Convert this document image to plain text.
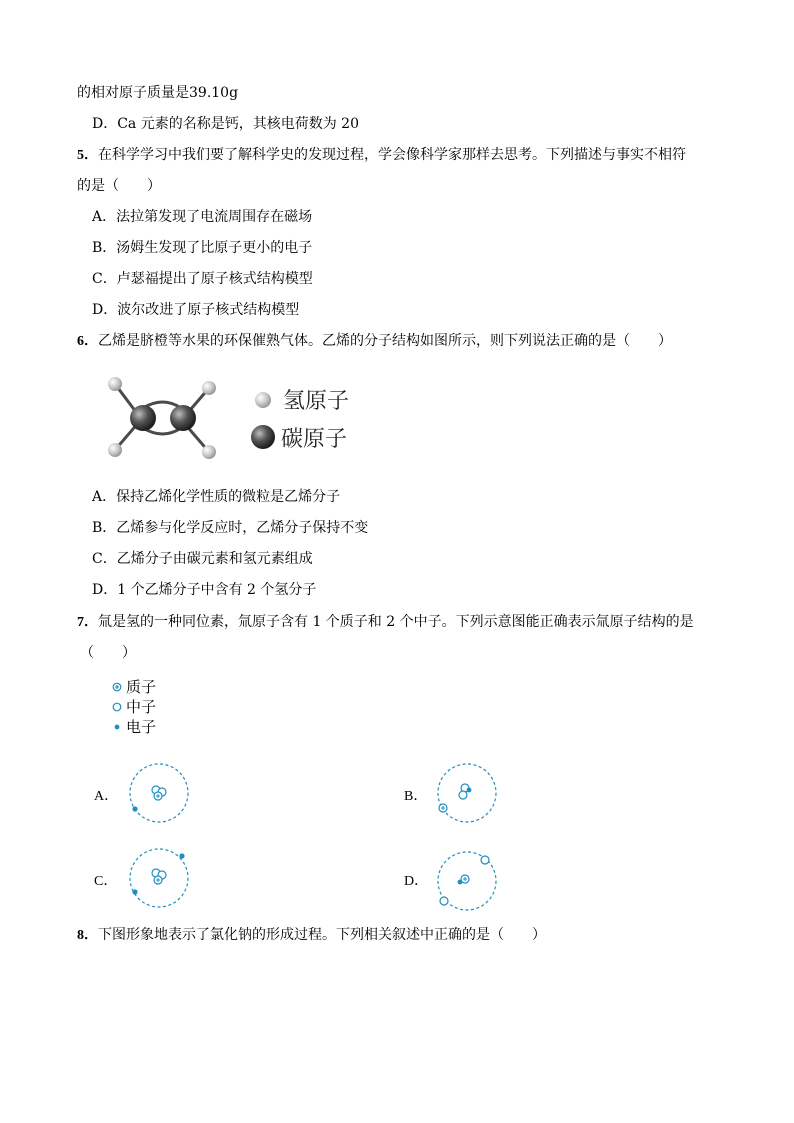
的相对原子质量是39.10g
D．Ca 元素的名称是钙，其核电荷数为 20
5．在科学学习中我们要了解科学史的发现过程，学会像科学家那样去思考。下列描述与事实不相符
的是（　　）
A．法拉第发现了电流周围存在磁场
B．汤姆生发现了比原子更小的电子
C．卢瑟福提出了原子核式结构模型
D．波尔改进了原子核式结构模型
6．乙烯是脐橙等水果的环保催熟气体。乙烯的分子结构如图所示，则下列说法正确的是（　　）
氢原子
碳原子
A．保持乙烯化学性质的微粒是乙烯分子
B．乙烯参与化学反应时，乙烯分子保持不变
C．乙烯分子由碳元素和氢元素组成
D．1 个乙烯分子中含有 2 个氢分子
7．氚是氢的一种同位素，氚原子含有 1 个质子和 2 个中子。下列示意图能正确表示氚原子结构的是
（　　）
质子
中子
电子
A．	B．
C．	D．
8．下图形象地表示了氯化钠的形成过程。下列相关叙述中正确的是（　　）
